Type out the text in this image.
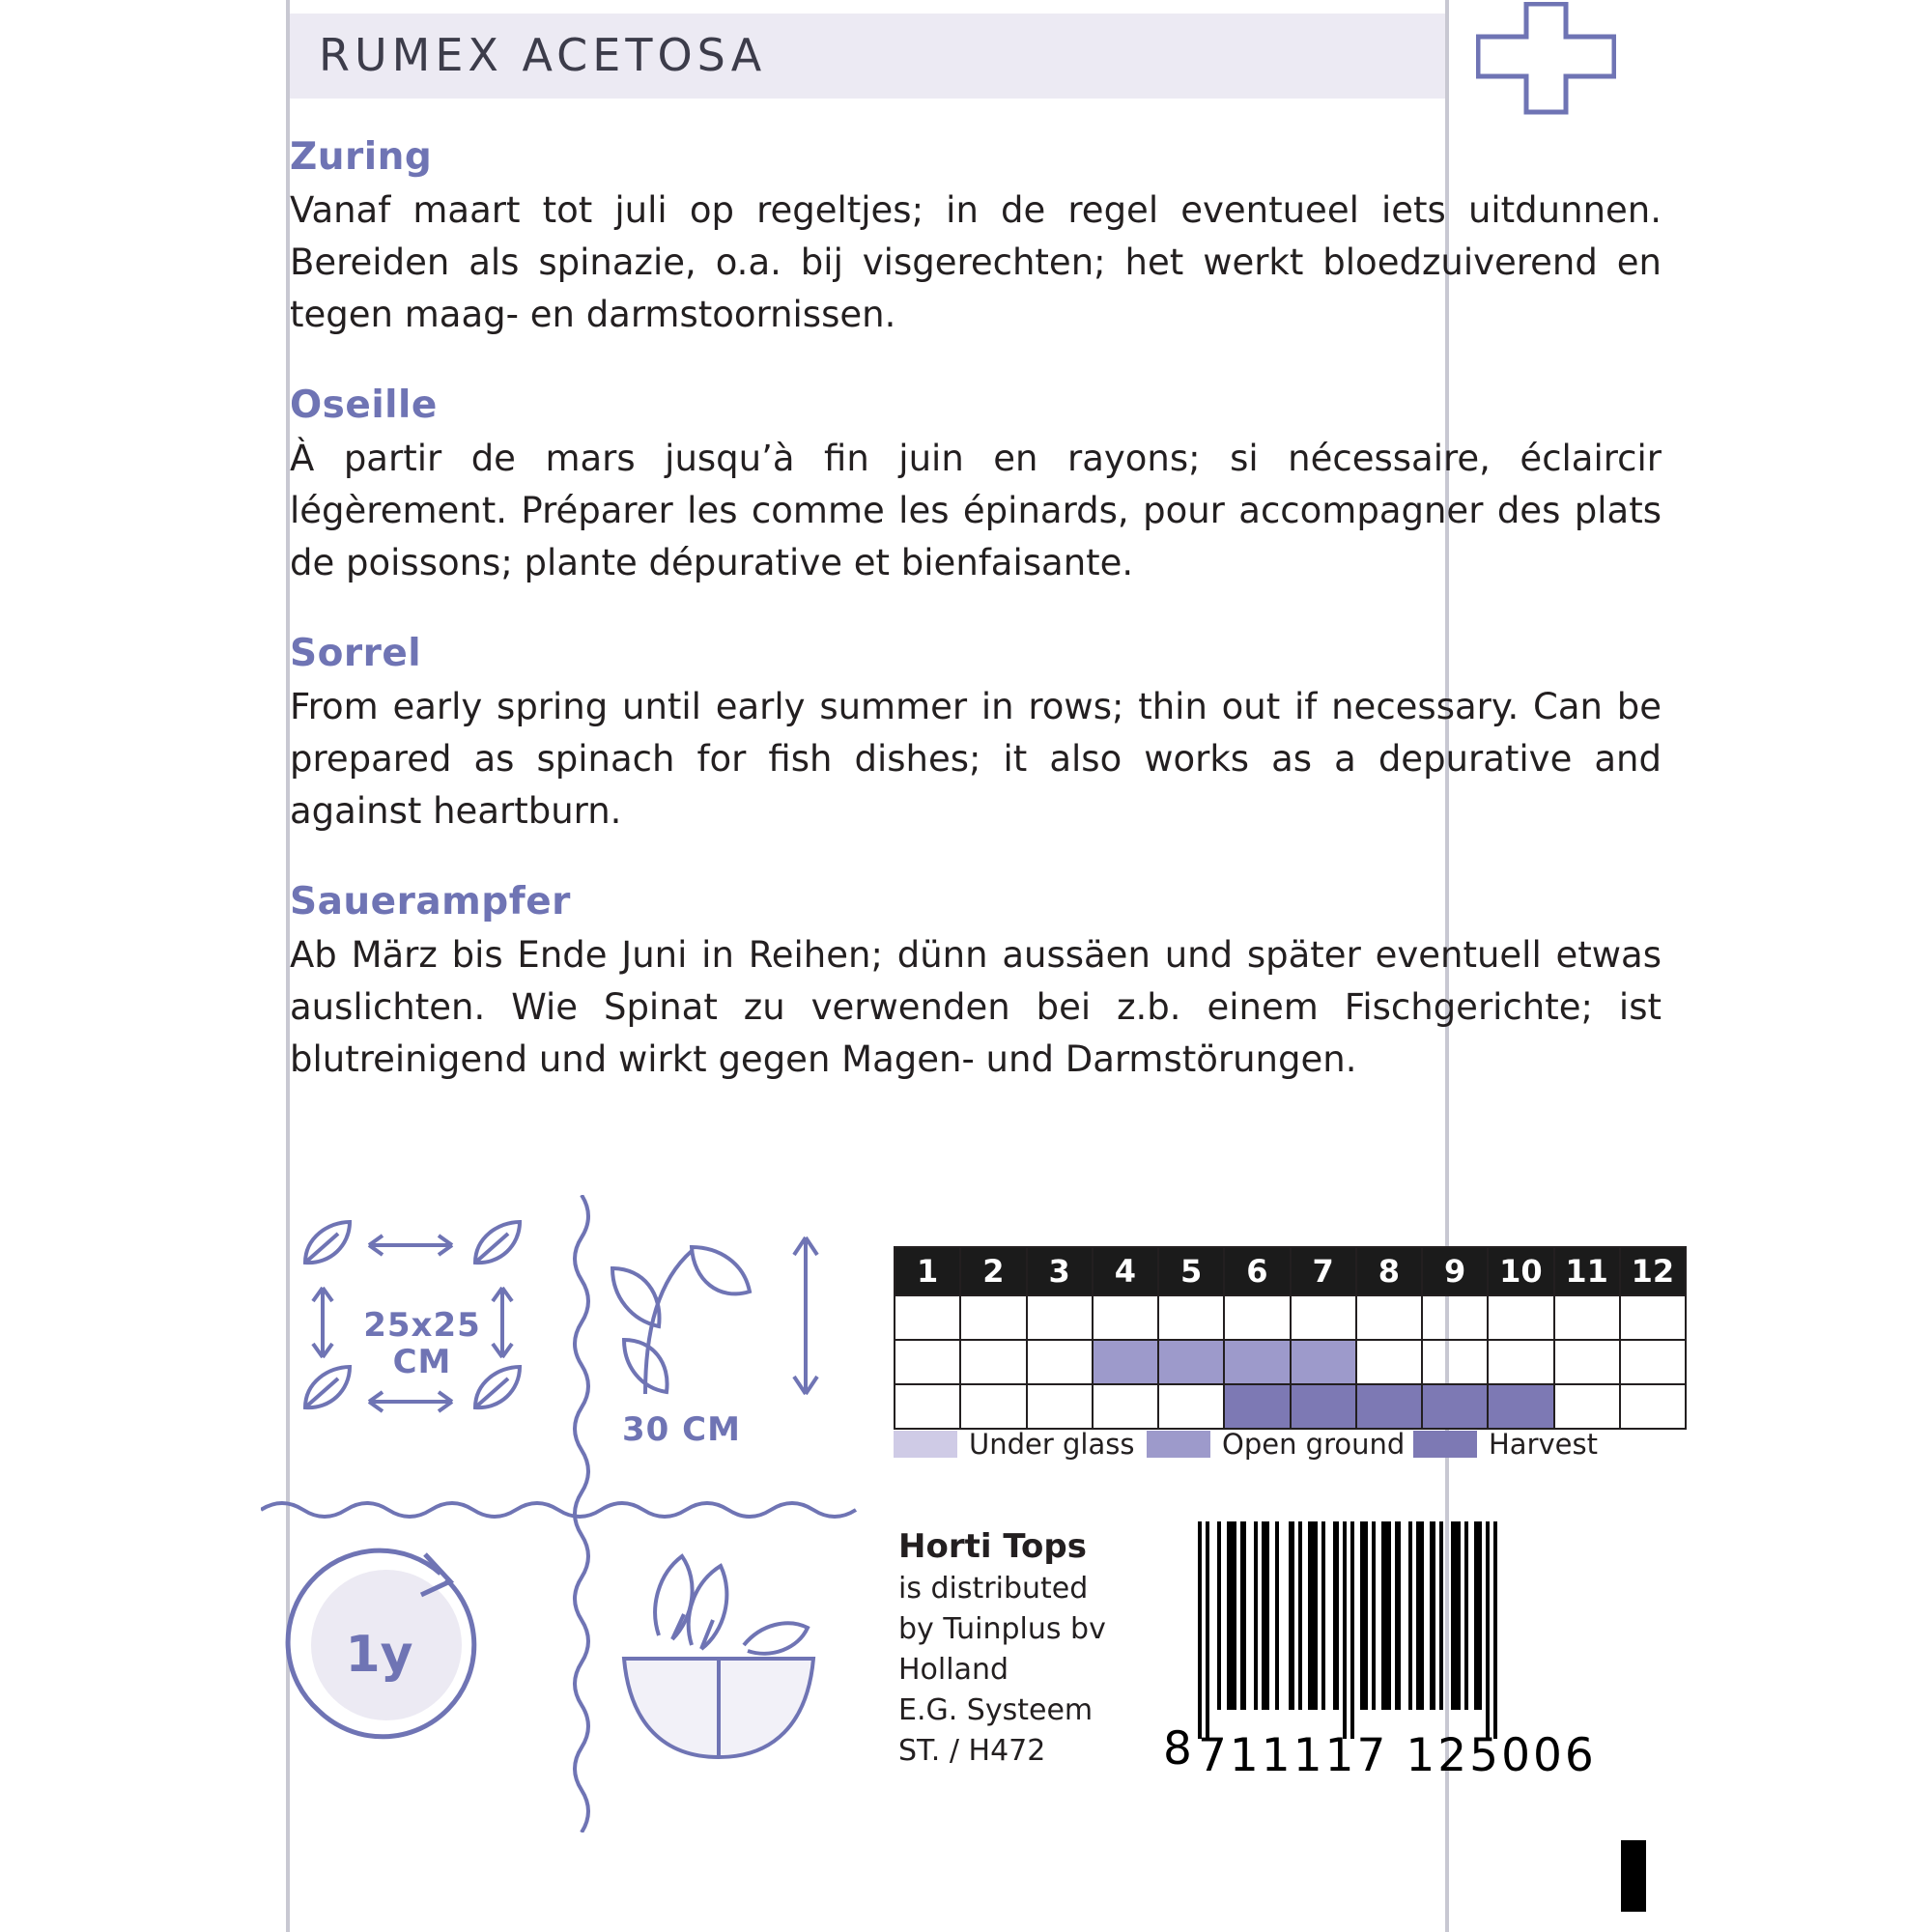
RUMEX ACETOSA
Zuring

Vanaf maart tot juli op regeltjes; in de regel eventueel iets uitdunnen. Bereiden als spinazie, o.a. bij visgerechten; het werkt bloedzuiverend en tegen maag- en darmstoornissen.

Oseille

À partir de mars jusqu’à fin juin en rayons; si nécessaire, éclaircir légèrement. Préparer les comme les épinards, pour accompagner des plats de poissons; plante dépurative et bienfaisante.

Sorrel

From early spring until early summer in rows; thin out if necessary. Can be prepared as spinach for fish dishes; it also works as a depurative and against heartburn.

Sauerampfer

Ab März bis Ende Juni in Reihen; dünn aussäen und später eventuell etwas auslichten. Wie Spinat zu verwenden bei z.b. einem Fischgerichte; ist blutreinigend und wirkt gegen Magen- und Darmstörungen.

25x25
CM
30 CM
1y
1	2	3	4	5	6	7	8	9	10	11	12

Under glass	Open ground	Harvest
Horti Tops
is distributed
by Tuinplus bv
Holland
E.G. Systeem
ST. / H472	8 711117 125006
